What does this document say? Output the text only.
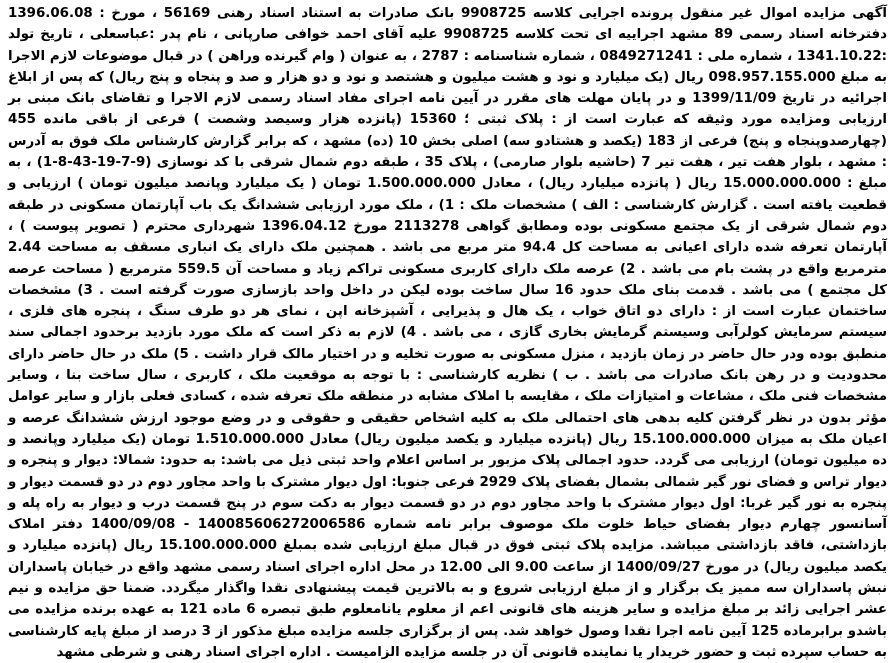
آگهی مزایده اموال غیر منقول پرونده اجرایی کلاسه 9908725 بانک صادرات به استناد اسناد رهنی 56169 ، مورخ : 1396.06.08 دفترخانه اسناد رسمی 89 مشهد اجراییه ای تحت کلاسه 9908725 علیه آقای احمد خوافی صارپانی ، نام پدر :عباسعلی ، تاریخ تولد :1341.10.22 ، شماره ملی : 0849271241 ، شماره شناسنامه : 2787 ، به عنوان ( وام گیرنده وراهن ) در قبال موضوعات لازم الاجرا به مبلغ 098.957.155.000 ریال (یک میلیارد و نود و هشت میلیون و هشتصد و نود و دو هزار و صد و پنجاه و پنج ریال) که پس از ابلاغ اجرائیه در تاریخ 1399/11/09 و در پایان مهلت های مقرر در آیین نامه اجرای مفاد اسناد رسمی لازم الاجرا و تقاضای بانک مبنی بر ارزیابی ومزایده مورد وثیقه که عبارت است از : پلاک ثبتی ؛ 15360 (پانزده هزار وسیصد وشصت ) فرعی از باقی مانده 455 (چهارصدوپنجاه و پنج) فرعی از 183 (یکصد و هشتادو سه) اصلی بخش 10 (ده) مشهد ، که برابر گزارش کارشناس ملک فوق به آدرس : مشهد ، بلوار هفت تیر ، هفت تیر 7 (حاشیه بلوار صارمی) ، پلاک 35 ، طبقه دوم شمال شرقی با کد نوسازی (9-7-19-43-8-1) ، به مبلغ : 15.000.000.000 ریال ( پانزده میلیارد ریال) ، معادل 1.500.000.000 تومان ( یک میلیارد وپانصد میلیون تومان ) ارزیابی و قطعیت یافته است . گزارش کارشناسی : الف ) مشخصات ملک : 1) ، ملک مورد ارزیابی ششدانگ یک باب آپارتمان مسکونی در طبقه دوم شمال شرقی از یک مجتمع مسکونی بوده ومطابق گواهی 2113278 مورخ 1396.04.12 شهرداری محترم ( تصویر پیوست ) ، آپارتمان تعرفه شده دارای اعیانی به مساحت کل 94.4 متر مربع می باشد . همچنین ملک دارای یک انباری مسقف به مساحت 2.44 مترمربع واقع در پشت بام می باشد . 2) عرصه ملک دارای کاربری مسکونی تراکم زیاد و مساحت آن 559.5 مترمربع ( مساحت عرصه کل مجتمع ) می باشد . قدمت بنای ملک حدود 16 سال ساخت بوده لیکن در داخل واحد بازسازی صورت گرفته است . 3) مشخصات ساختمان عبارت است از : دارای دو اتاق خواب ، یک هال و پذیرایی ، آشپزخانه اپن ، نمای هر دو طرف سنگ ، پنجره های فلزی ، سیستم سرمایش کولرآبی وسیستم گرمایش بخاری گازی ، می باشد . 4) لازم به ذکر است که ملک مورد بازدید برحدود اجمالی سند منطبق بوده ودر حال حاضر در زمان بازدید ، منزل مسکونی به صورت تخلیه و در اختیار مالک قرار داشت . 5) ملک در حال حاضر دارای محدودیت و در رهن بانک صادرات می باشد . ب ) نظریه کارشناسی : با توجه به موقعیت ملک ، کاربری ، سال ساخت بنا ، وسایر مشخصات فنی ملک ، مشاعات و امتیازات ملک ، مقایسه با املاک مشابه در منطقه ملک تعرفه شده ، کسادی فعلی بازار و سایر عوامل مؤثر بدون در نظر گرفتن کلیه بدهی های احتمالی ملک به کلیه اشخاص حقیقی و حقوقی و در وضع موجود ارزش ششدانگ عرصه و اعیان ملک به میزان 15.100.000.000 ریال (پانزده میلیارد و یکصد میلیون ریال) معادل 1.510.000.000 تومان (یک میلیارد وپانصد و ده میلیون تومان) ارزیابی می گردد. حدود اجمالی پلاک مزبور بر اساس اعلام واحد ثبتی ذیل می باشد: به حدود: شمالا: دیوار و پنجره و دیوار تراس و فضای نور گیر شمالی بشمال بفضای پلاک 2929 فرعی جنوبا: اول دیوار مشترک با واحد مجاور دوم در دو قسمت دیوار و پنجره به نور گیر غربا: اول دیوار مشترک با واحد مجاور دوم در دو قسمت دیوار به دکت سوم در پنج قسمت درب و دیوار به راه پله و آسانسور چهارم دیوار بفضای حیاط خلوت ملک موصوف برابر نامه شماره 140085606272006586 - 1400/09/08 دفتر املاک بازداشتی، فاقد بازداشتی میباشد. مزایده پلاک ثبتی فوق در قبال مبلغ ارزیابی شده بمبلغ 15.100.000.000 ریال (پانزده میلیارد و یکصد میلیون ریال) در مورخ 1400/09/27 از ساعت 9.00 الی 12.00 در محل اداره اجرای اسناد رسمی مشهد واقع در خیابان پاسداران نبش پاسداران سه ممیز یک برگزار و از مبلغ ارزیابی شروع و به بالاترین قیمت پیشنهادی نقدا واگذار میگردد. ضمنا حق مزایده و نیم عشر اجرایی زائد بر مبلغ مزایده و سایر هزینه های قانونی اعم از معلوم یانامعلوم طبق تبصره 6 ماده 121 به عهده برنده مزایده می باشدو برابرماده 125 آیین نامه اجرا نقدا وصول خواهد شد. پس از برگزاری جلسه مزایده مبلغ مذکور از 3 درصد از مبلغ پایه کارشناسی به حساب سپرده ثبت و حضور خریدار یا نماینده قانونی آن در جلسه مزایده الزامیست . اداره اجرای اسناد رهنی و شرطی مشهد
